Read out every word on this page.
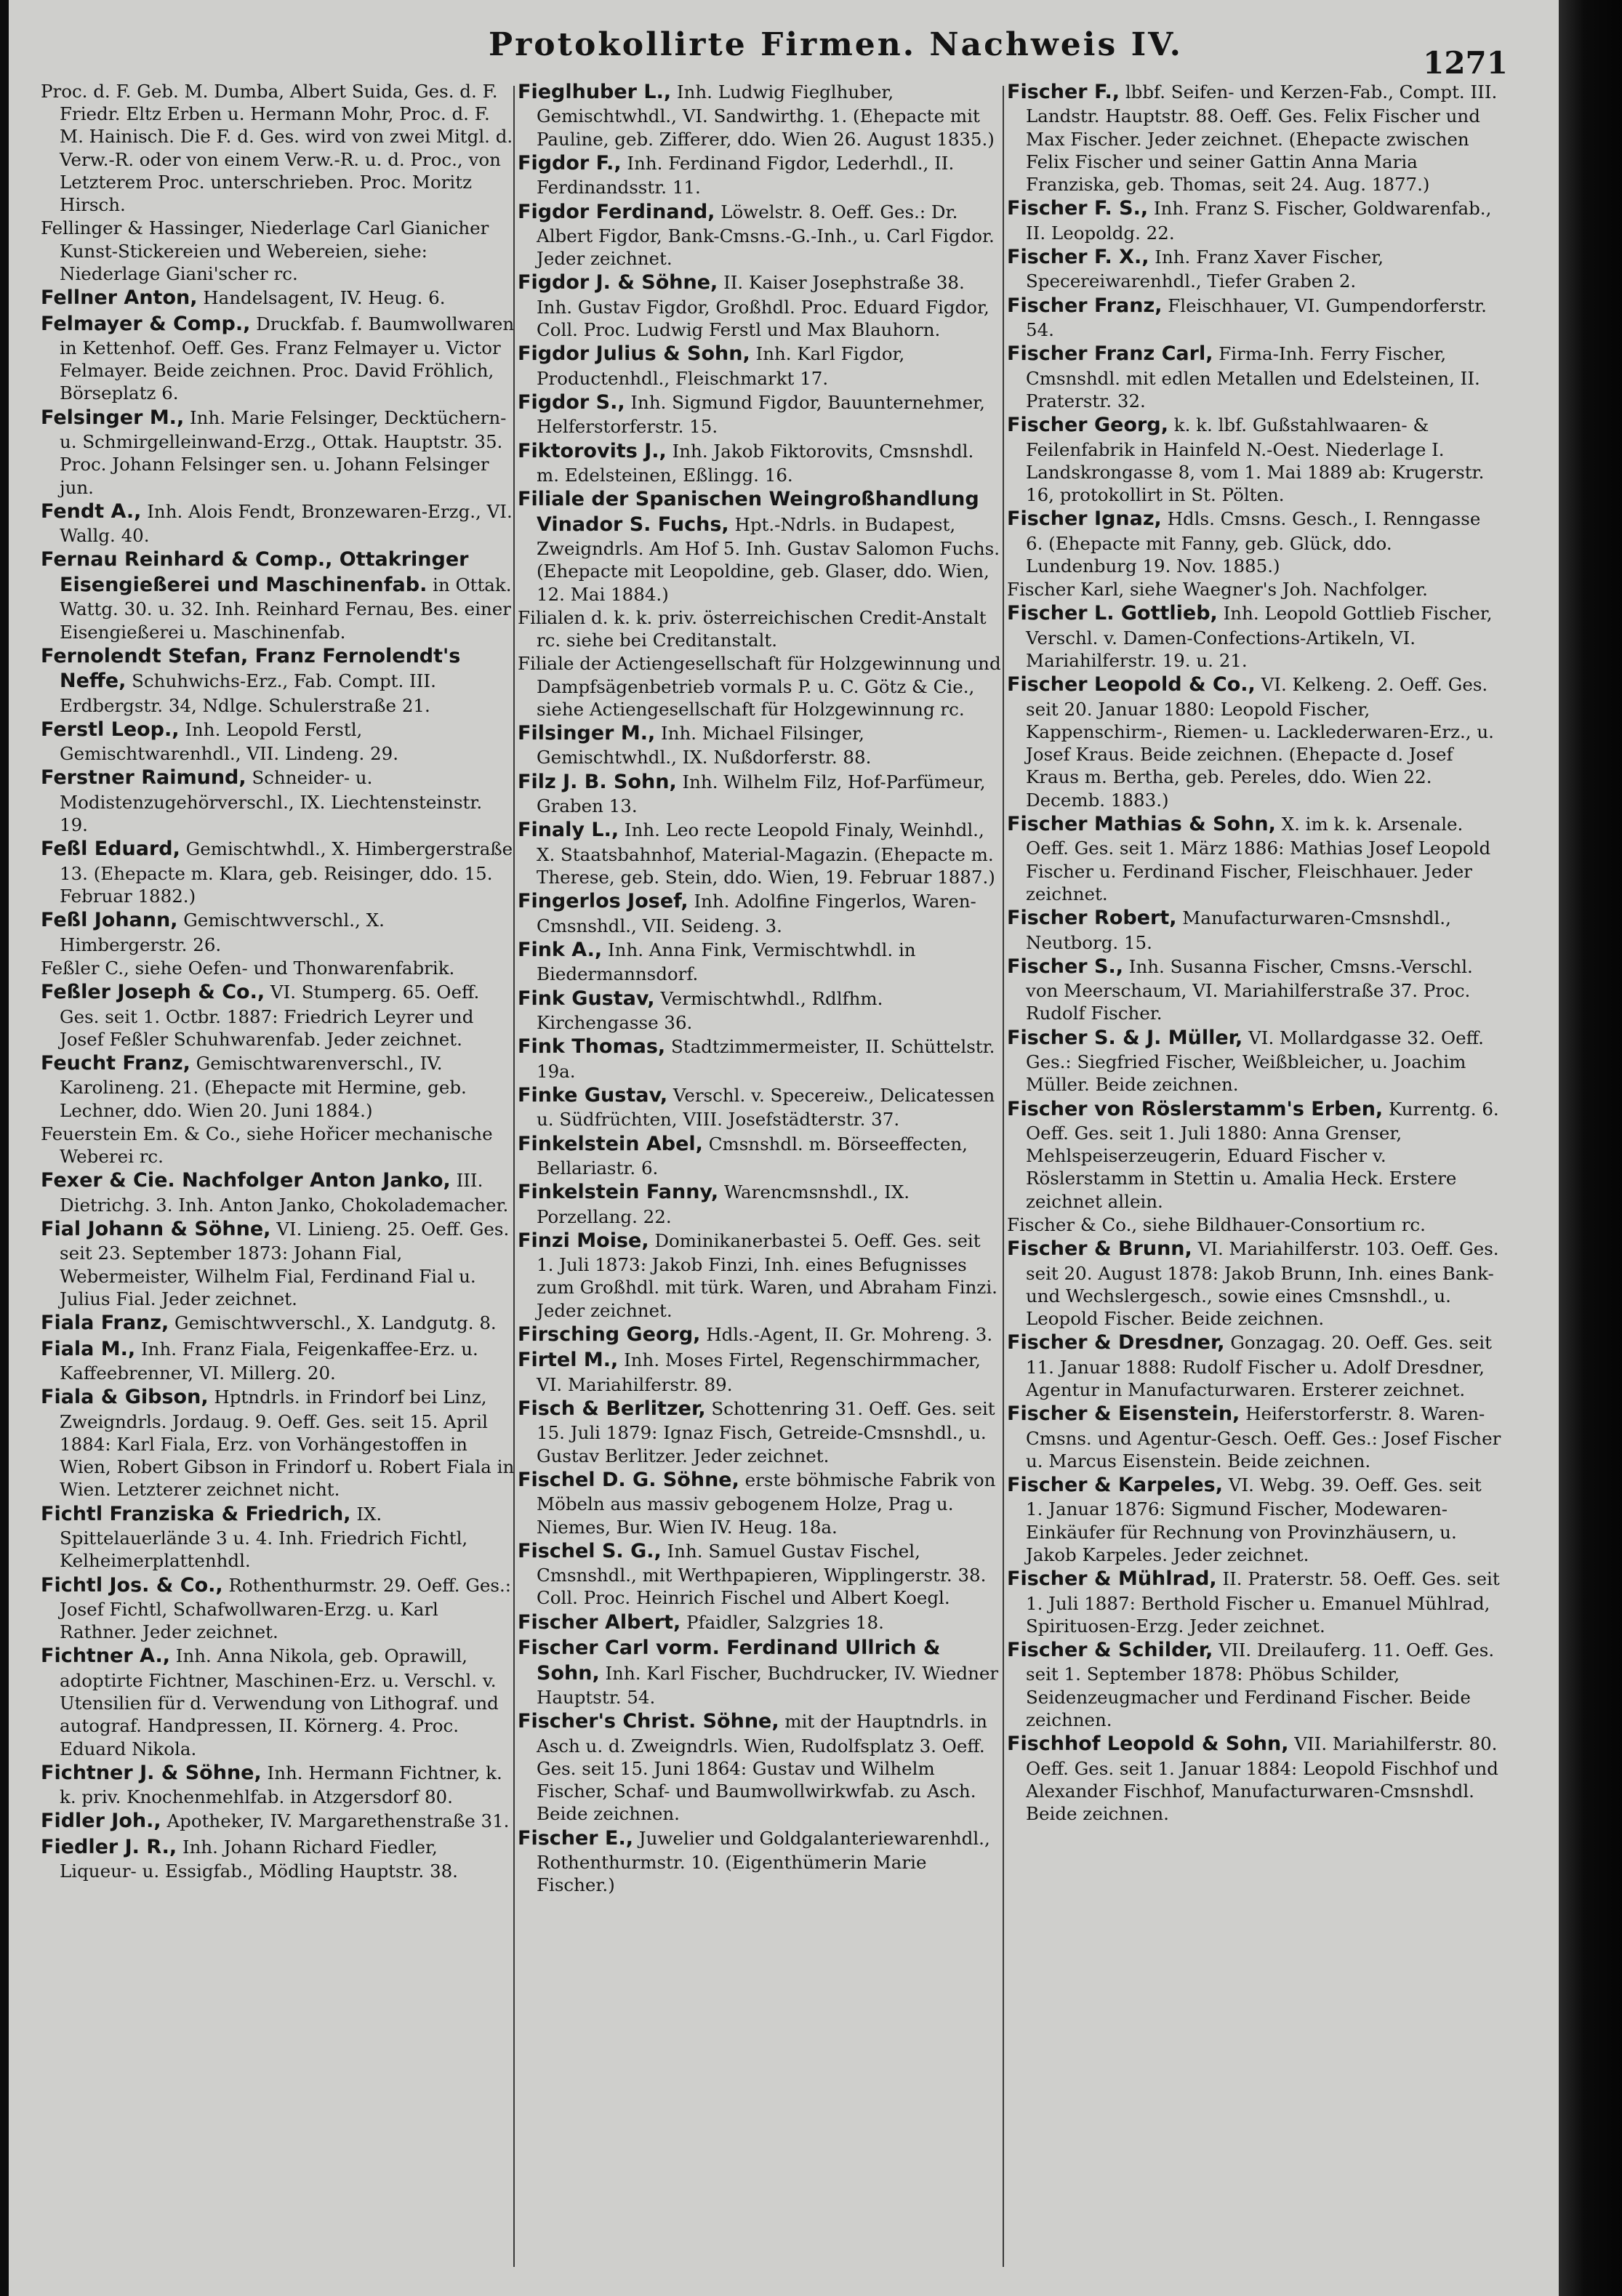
Protokollirte Firmen. Nachweis IV.	1271

Proc. d. F. Geb. M. Dumba, Albert Suida, Ges. d. F. Friedr. Eltz Erben u. Hermann Mohr, Proc. d. F. M. Hainisch. Die F. d. Ges. wird von zwei Mitgl. d. Verw.-R. oder von einem Verw.-R. u. d. Proc., von Letzterem Proc. unterschrieben. Proc. Moritz Hirsch.

Fellinger & Hassinger, Niederlage Carl Gianicher Kunst-Stickereien und Webereien, siehe: Niederlage Giani'scher rc.

Fellner Anton, Handelsagent, IV. Heug. 6.

Felmayer & Comp., Druckfab. f. Baumwollwaren in Kettenhof. Oeff. Ges. Franz Felmayer u. Victor Felmayer. Beide zeichnen. Proc. David Fröhlich, Börseplatz 6.

Felsinger M., Inh. Marie Felsinger, Decktüchern- u. Schmirgelleinwand-Erzg., Ottak. Hauptstr. 35. Proc. Johann Felsinger sen. u. Johann Felsinger jun.

Fendt A., Inh. Alois Fendt, Bronzewaren-Erzg., VI. Wallg. 40.

Fernau Reinhard & Comp., Ottakringer Eisengießerei und Maschinenfab. in Ottak. Wattg. 30. u. 32. Inh. Reinhard Fernau, Bes. einer Eisengießerei u. Maschinenfab.

Fernolendt Stefan, Franz Fernolendt's Neffe, Schuhwichs-Erz., Fab. Compt. III. Erdbergstr. 34, Ndlge. Schulerstraße 21.

Ferstl Leop., Inh. Leopold Ferstl, Gemischtwarenhdl., VII. Lindeng. 29.

Ferstner Raimund, Schneider- u. Modistenzugehörverschl., IX. Liechtensteinstr. 19.

Feßl Eduard, Gemischtwhdl., X. Himbergerstraße 13. (Ehepacte m. Klara, geb. Reisinger, ddo. 15. Februar 1882.)

Feßl Johann, Gemischtwverschl., X. Himbergerstr. 26.

Feßler C., siehe Oefen- und Thonwarenfabrik.

Feßler Joseph & Co., VI. Stumperg. 65. Oeff. Ges. seit 1. Octbr. 1887: Friedrich Leyrer und Josef Feßler Schuhwarenfab. Jeder zeichnet.

Feucht Franz, Gemischtwarenverschl., IV. Karolineng. 21. (Ehepacte mit Hermine, geb. Lechner, ddo. Wien 20. Juni 1884.)

Feuerstein Em. & Co., siehe Hořicer mechanische Weberei rc.

Fexer & Cie. Nachfolger Anton Janko, III. Dietrichg. 3. Inh. Anton Janko, Chokolademacher.

Fial Johann & Söhne, VI. Linieng. 25. Oeff. Ges. seit 23. September 1873: Johann Fial, Webermeister, Wilhelm Fial, Ferdinand Fial u. Julius Fial. Jeder zeichnet.

Fiala Franz, Gemischtwverschl., X. Landgutg. 8.

Fiala M., Inh. Franz Fiala, Feigenkaffee-Erz. u. Kaffeebrenner, VI. Millerg. 20.

Fiala & Gibson, Hptndrls. in Frindorf bei Linz, Zweigndrls. Jordaug. 9. Oeff. Ges. seit 15. April 1884: Karl Fiala, Erz. von Vorhängestoffen in Wien, Robert Gibson in Frindorf u. Robert Fiala in Wien. Letzterer zeichnet nicht.

Fichtl Franziska & Friedrich, IX. Spittelauerlände 3 u. 4. Inh. Friedrich Fichtl, Kelheimerplattenhdl.

Fichtl Jos. & Co., Rothenthurmstr. 29. Oeff. Ges.: Josef Fichtl, Schafwollwaren-Erzg. u. Karl Rathner. Jeder zeichnet.

Fichtner A., Inh. Anna Nikola, geb. Oprawill, adoptirte Fichtner, Maschinen-Erz. u. Verschl. v. Utensilien für d. Verwendung von Lithograf. und autograf. Handpressen, II. Körnerg. 4. Proc. Eduard Nikola.

Fichtner J. & Söhne, Inh. Hermann Fichtner, k. k. priv. Knochenmehlfab. in Atzgersdorf 80.

Fidler Joh., Apotheker, IV. Margarethenstraße 31.

Fiedler J. R., Inh. Johann Richard Fiedler, Liqueur- u. Essigfab., Mödling Hauptstr. 38.

Fieglhuber L., Inh. Ludwig Fieglhuber, Gemischtwhdl., VI. Sandwirthg. 1. (Ehepacte mit Pauline, geb. Zifferer, ddo. Wien 26. August 1835.)

Figdor F., Inh. Ferdinand Figdor, Lederhdl., II. Ferdinandsstr. 11.

Figdor Ferdinand, Löwelstr. 8. Oeff. Ges.: Dr. Albert Figdor, Bank-Cmsns.-G.-Inh., u. Carl Figdor. Jeder zeichnet.

Figdor J. & Söhne, II. Kaiser Josephstraße 38. Inh. Gustav Figdor, Großhdl. Proc. Eduard Figdor, Coll. Proc. Ludwig Ferstl und Max Blauhorn.

Figdor Julius & Sohn, Inh. Karl Figdor, Productenhdl., Fleischmarkt 17.

Figdor S., Inh. Sigmund Figdor, Bauunternehmer, Helferstorferstr. 15.

Fiktorovits J., Inh. Jakob Fiktorovits, Cmsnshdl. m. Edelsteinen, Eßlingg. 16.

Filiale der Spanischen Weingroßhandlung Vinador S. Fuchs, Hpt.-Ndrls. in Budapest, Zweigndrls. Am Hof 5. Inh. Gustav Salomon Fuchs. (Ehepacte mit Leopoldine, geb. Glaser, ddo. Wien, 12. Mai 1884.)

Filialen d. k. k. priv. österreichischen Credit-Anstalt rc. siehe bei Creditanstalt.

Filiale der Actiengesellschaft für Holzgewinnung und Dampfsägenbetrieb vormals P. u. C. Götz & Cie., siehe Actiengesellschaft für Holzgewinnung rc.

Filsinger M., Inh. Michael Filsinger, Gemischtwhdl., IX. Nußdorferstr. 88.

Filz J. B. Sohn, Inh. Wilhelm Filz, Hof-Parfümeur, Graben 13.

Finaly L., Inh. Leo recte Leopold Finaly, Weinhdl., X. Staatsbahnhof, Material-Magazin. (Ehepacte m. Therese, geb. Stein, ddo. Wien, 19. Februar 1887.)

Fingerlos Josef, Inh. Adolfine Fingerlos, Waren-Cmsnshdl., VII. Seideng. 3.

Fink A., Inh. Anna Fink, Vermischtwhdl. in Biedermannsdorf.

Fink Gustav, Vermischtwhdl., Rdlfhm. Kirchengasse 36.

Fink Thomas, Stadtzimmermeister, II. Schüttelstr. 19a.

Finke Gustav, Verschl. v. Specereiw., Delicatessen u. Südfrüchten, VIII. Josefstädterstr. 37.

Finkelstein Abel, Cmsnshdl. m. Börseeffecten, Bellariastr. 6.

Finkelstein Fanny, Warencmsnshdl., IX. Porzellang. 22.

Finzi Moise, Dominikanerbastei 5. Oeff. Ges. seit 1. Juli 1873: Jakob Finzi, Inh. eines Befugnisses zum Großhdl. mit türk. Waren, und Abraham Finzi. Jeder zeichnet.

Firsching Georg, Hdls.-Agent, II. Gr. Mohreng. 3.

Firtel M., Inh. Moses Firtel, Regenschirmmacher, VI. Mariahilferstr. 89.

Fisch & Berlitzer, Schottenring 31. Oeff. Ges. seit 15. Juli 1879: Ignaz Fisch, Getreide-Cmsnshdl., u. Gustav Berlitzer. Jeder zeichnet.

Fischel D. G. Söhne, erste böhmische Fabrik von Möbeln aus massiv gebogenem Holze, Prag u. Niemes, Bur. Wien IV. Heug. 18a.

Fischel S. G., Inh. Samuel Gustav Fischel, Cmsnshdl., mit Werthpapieren, Wipplingerstr. 38. Coll. Proc. Heinrich Fischel und Albert Koegl.

Fischer Albert, Pfaidler, Salzgries 18.

Fischer Carl vorm. Ferdinand Ullrich & Sohn, Inh. Karl Fischer, Buchdrucker, IV. Wiedner Hauptstr. 54.

Fischer's Christ. Söhne, mit der Hauptndrls. in Asch u. d. Zweigndrls. Wien, Rudolfsplatz 3. Oeff. Ges. seit 15. Juni 1864: Gustav und Wilhelm Fischer, Schaf- und Baumwollwirkwfab. zu Asch. Beide zeichnen.

Fischer E., Juwelier und Goldgalanteriewarenhdl., Rothenthurmstr. 10. (Eigenthümerin Marie Fischer.)

Fischer F., lbbf. Seifen- und Kerzen-Fab., Compt. III. Landstr. Hauptstr. 88. Oeff. Ges. Felix Fischer und Max Fischer. Jeder zeichnet. (Ehepacte zwischen Felix Fischer und seiner Gattin Anna Maria Franziska, geb. Thomas, seit 24. Aug. 1877.)

Fischer F. S., Inh. Franz S. Fischer, Goldwarenfab., II. Leopoldg. 22.

Fischer F. X., Inh. Franz Xaver Fischer, Specereiwarenhdl., Tiefer Graben 2.

Fischer Franz, Fleischhauer, VI. Gumpendorferstr. 54.

Fischer Franz Carl, Firma-Inh. Ferry Fischer, Cmsnshdl. mit edlen Metallen und Edelsteinen, II. Praterstr. 32.

Fischer Georg, k. k. lbf. Gußstahlwaaren- & Feilenfabrik in Hainfeld N.-Oest. Niederlage I. Landskrongasse 8, vom 1. Mai 1889 ab: Krugerstr. 16, protokollirt in St. Pölten.

Fischer Ignaz, Hdls. Cmsns. Gesch., I. Renngasse 6. (Ehepacte mit Fanny, geb. Glück, ddo. Lundenburg 19. Nov. 1885.)

Fischer Karl, siehe Waegner's Joh. Nachfolger.

Fischer L. Gottlieb, Inh. Leopold Gottlieb Fischer, Verschl. v. Damen-Confections-Artikeln, VI. Mariahilferstr. 19. u. 21.

Fischer Leopold & Co., VI. Kelkeng. 2. Oeff. Ges. seit 20. Januar 1880: Leopold Fischer, Kappenschirm-, Riemen- u. Lacklederwaren-Erz., u. Josef Kraus. Beide zeichnen. (Ehepacte d. Josef Kraus m. Bertha, geb. Pereles, ddo. Wien 22. Decemb. 1883.)

Fischer Mathias & Sohn, X. im k. k. Arsenale. Oeff. Ges. seit 1. März 1886: Mathias Josef Leopold Fischer u. Ferdinand Fischer, Fleischhauer. Jeder zeichnet.

Fischer Robert, Manufacturwaren-Cmsnshdl., Neutborg. 15.

Fischer S., Inh. Susanna Fischer, Cmsns.-Verschl. von Meerschaum, VI. Mariahilferstraße 37. Proc. Rudolf Fischer.

Fischer S. & J. Müller, VI. Mollardgasse 32. Oeff. Ges.: Siegfried Fischer, Weißbleicher, u. Joachim Müller. Beide zeichnen.

Fischer von Röslerstamm's Erben, Kurrentg. 6. Oeff. Ges. seit 1. Juli 1880: Anna Grenser, Mehlspeiserzeugerin, Eduard Fischer v. Röslerstamm in Stettin u. Amalia Heck. Erstere zeichnet allein.

Fischer & Co., siehe Bildhauer-Consortium rc.

Fischer & Brunn, VI. Mariahilferstr. 103. Oeff. Ges. seit 20. August 1878: Jakob Brunn, Inh. eines Bank- und Wechslergesch., sowie eines Cmsnshdl., u. Leopold Fischer. Beide zeichnen.

Fischer & Dresdner, Gonzagag. 20. Oeff. Ges. seit 11. Januar 1888: Rudolf Fischer u. Adolf Dresdner, Agentur in Manufacturwaren. Ersterer zeichnet.

Fischer & Eisenstein, Heiferstorferstr. 8. Waren-Cmsns. und Agentur-Gesch. Oeff. Ges.: Josef Fischer u. Marcus Eisenstein. Beide zeichnen.

Fischer & Karpeles, VI. Webg. 39. Oeff. Ges. seit 1. Januar 1876: Sigmund Fischer, Modewaren-Einkäufer für Rechnung von Provinzhäusern, u. Jakob Karpeles. Jeder zeichnet.

Fischer & Mühlrad, II. Praterstr. 58. Oeff. Ges. seit 1. Juli 1887: Berthold Fischer u. Emanuel Mühlrad, Spirituosen-Erzg. Jeder zeichnet.

Fischer & Schilder, VII. Dreilauferg. 11. Oeff. Ges. seit 1. September 1878: Phöbus Schilder, Seidenzeugmacher und Ferdinand Fischer. Beide zeichnen.

Fischhof Leopold & Sohn, VII. Mariahilferstr. 80. Oeff. Ges. seit 1. Januar 1884: Leopold Fischhof und Alexander Fischhof, Manufacturwaren-Cmsnshdl. Beide zeichnen.
